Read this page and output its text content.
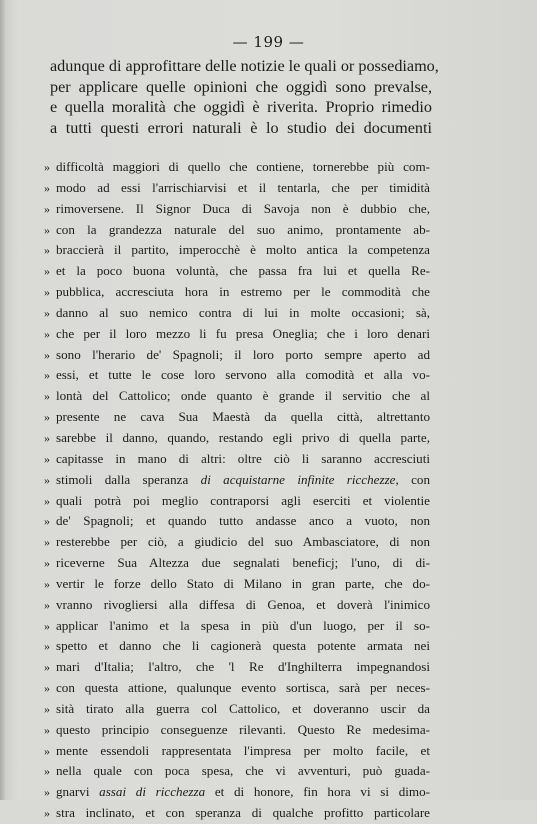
— 199 —
adunque di approfittare delle notizie le quali or possediamo,
per applicare quelle opinioni che oggidì sono prevalse,
e quella moralità che oggidì è riverita. Proprio rimedio
a tutti questi errori naturali è lo studio dei documenti
» difficoltà maggiori di quello che contiene, tornerebbe più com-
» modo ad essi l'arrischiarvisi et il tentarla, che per timidità
» rimoversene. Il Signor Duca di Savoja non è dubbio che,
» con la grandezza naturale del suo animo, prontamente ab-
» braccierà il partito, imperocchè è molto antica la competenza
» et la poco buona voluntà, che passa fra lui et quella Re-
» pubblica, accresciuta hora in estremo per le commodità che
» danno al suo nemico contra di lui in molte occasioni; sà,
» che per il loro mezzo li fu presa Oneglia; che i loro denari
» sono l'herario de' Spagnoli; il loro porto sempre aperto ad
» essi, et tutte le cose loro servono alla comodità et alla vo-
» lontà del Cattolico; onde quanto è grande il servitio che al
» presente ne cava Sua Maestà da quella città, altrettanto
» sarebbe il danno, quando, restando egli privo di quella parte,
» capitasse in mano di altri: oltre ciò li saranno accresciuti
» stimoli dalla speranza di acquistarne infinite ricchezze, con
» quali potrà poi meglio contraporsi agli eserciti et violentie
» de' Spagnoli; et quando tutto andasse anco a vuoto, non
» resterebbe per ciò, a giudicio del suo Ambasciatore, di non
» riceverne Sua Altezza due segnalati beneficj; l'uno, di di-
» vertir le forze dello Stato di Milano in gran parte, che do-
» vranno rivogliersi alla diffesa di Genoa, et doverà l'inimico
» applicar l'animo et la spesa in più d'un luogo, per il so-
» spetto et danno che li cagionerà questa potente armata nei
» mari d'Italia; l'altro, che 'l Re d'Inghilterra impegnandosi
» con questa attione, qualunque evento sortisca, sarà per neces-
» sità tirato alla guerra col Cattolico, et doveranno uscir da
» questo principio conseguenze rilevanti. Questo Re medesima-
» mente essendoli rappresentata l'impresa per molto facile, et
» nella quale con poca spesa, che vi avventuri, può guada-
» gnarvi assai di ricchezza et di honore, fin hora vi si dimo-
» stra inclinato, et con speranza di qualche profitto particolare
